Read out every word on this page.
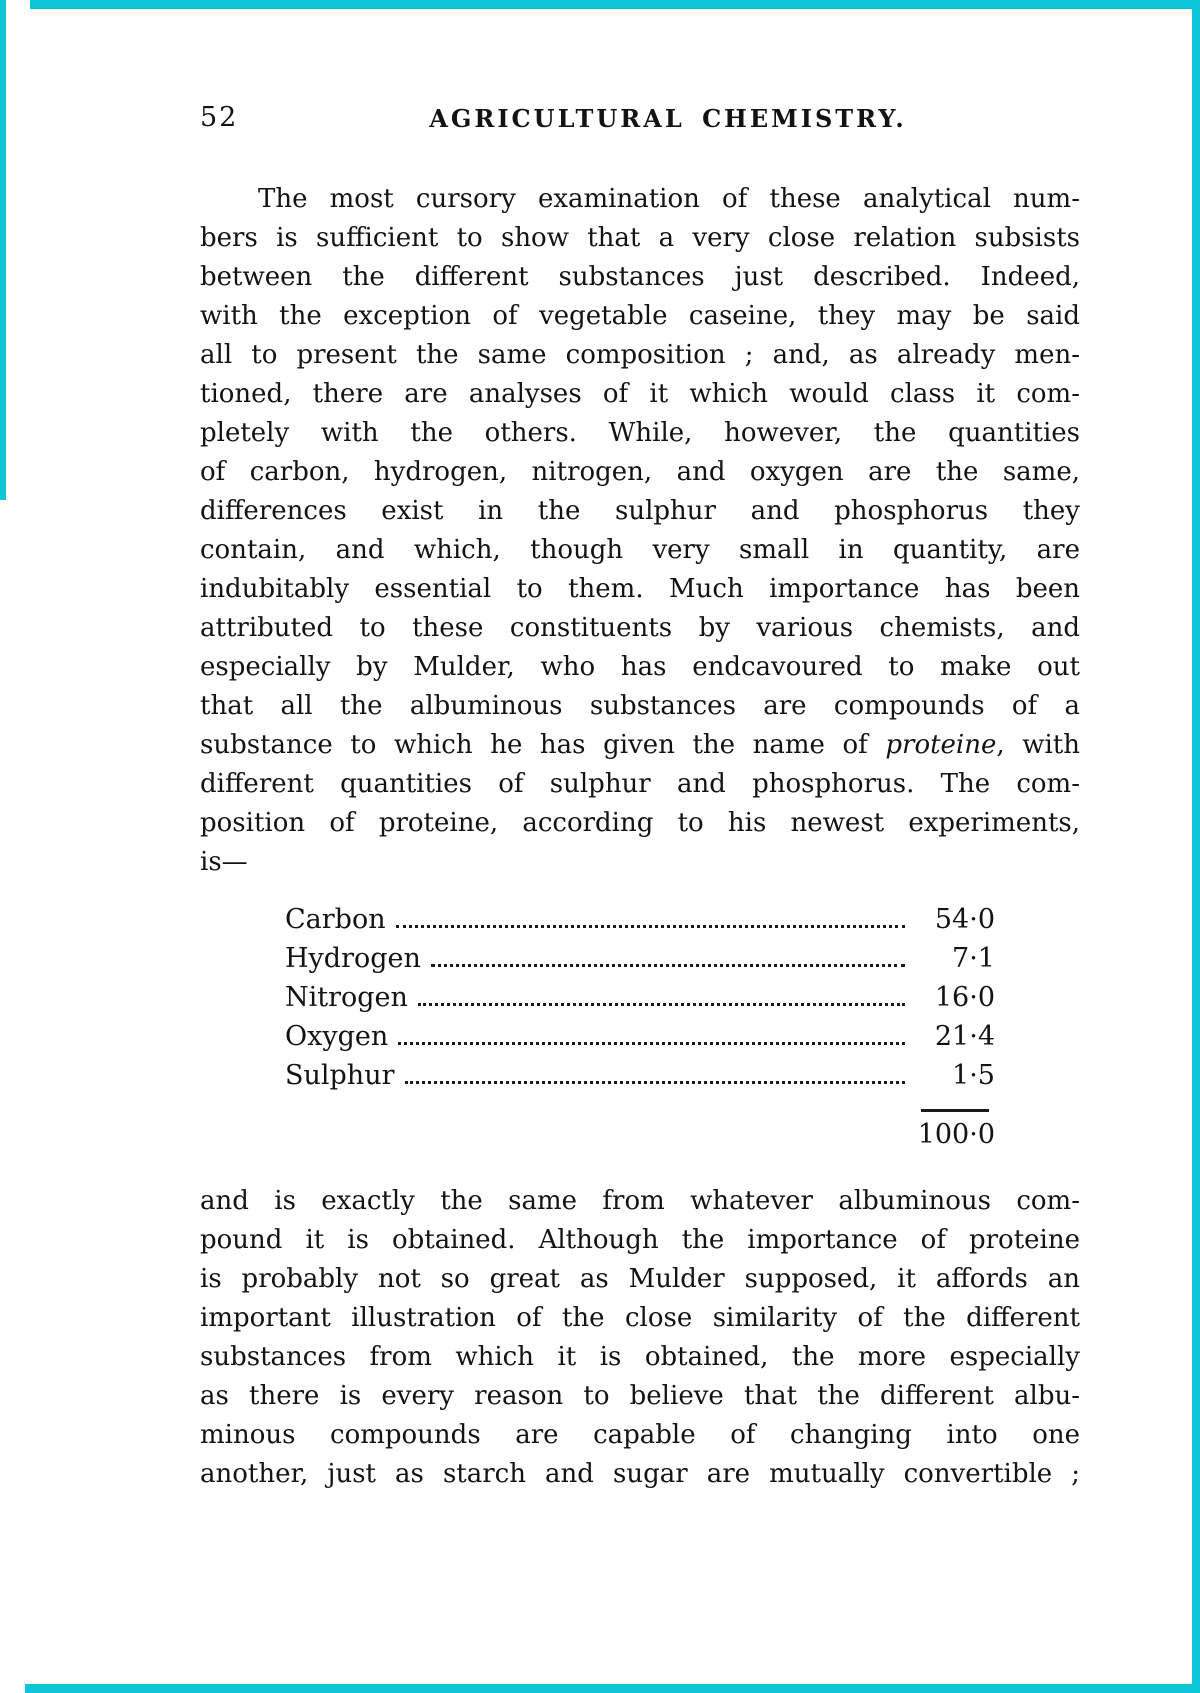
52	AGRICULTURAL CHEMISTRY.
The most cursory examination of these analytical num-
bers is sufficient to show that a very close relation subsists
between the different substances just described. Indeed,
with the exception of vegetable caseine, they may be said
all to present the same composition ; and, as already men-
tioned, there are analyses of it which would class it com-
pletely with the others. While, however, the quantities
of carbon, hydrogen, nitrogen, and oxygen are the same,
differences exist in the sulphur and phosphorus they
contain, and which, though very small in quantity, are
indubitably essential to them. Much importance has been
attributed to these constituents by various chemists, and
especially by Mulder, who has endcavoured to make out
that all the albuminous substances are compounds of a
substance to which he has given the name of proteine, with
different quantities of sulphur and phosphorus. The com-
position of proteine, according to his newest experiments,
is—
Carbon	54·0
Hydrogen	7·1
Nitrogen	16·0
Oxygen	21·4
Sulphur	1·5
100·0
and is exactly the same from whatever albuminous com-
pound it is obtained. Although the importance of proteine
is probably not so great as Mulder supposed, it affords an
important illustration of the close similarity of the different
substances from which it is obtained, the more especially
as there is every reason to believe that the different albu-
minous compounds are capable of changing into one
another, just as starch and sugar are mutually convertible ;
